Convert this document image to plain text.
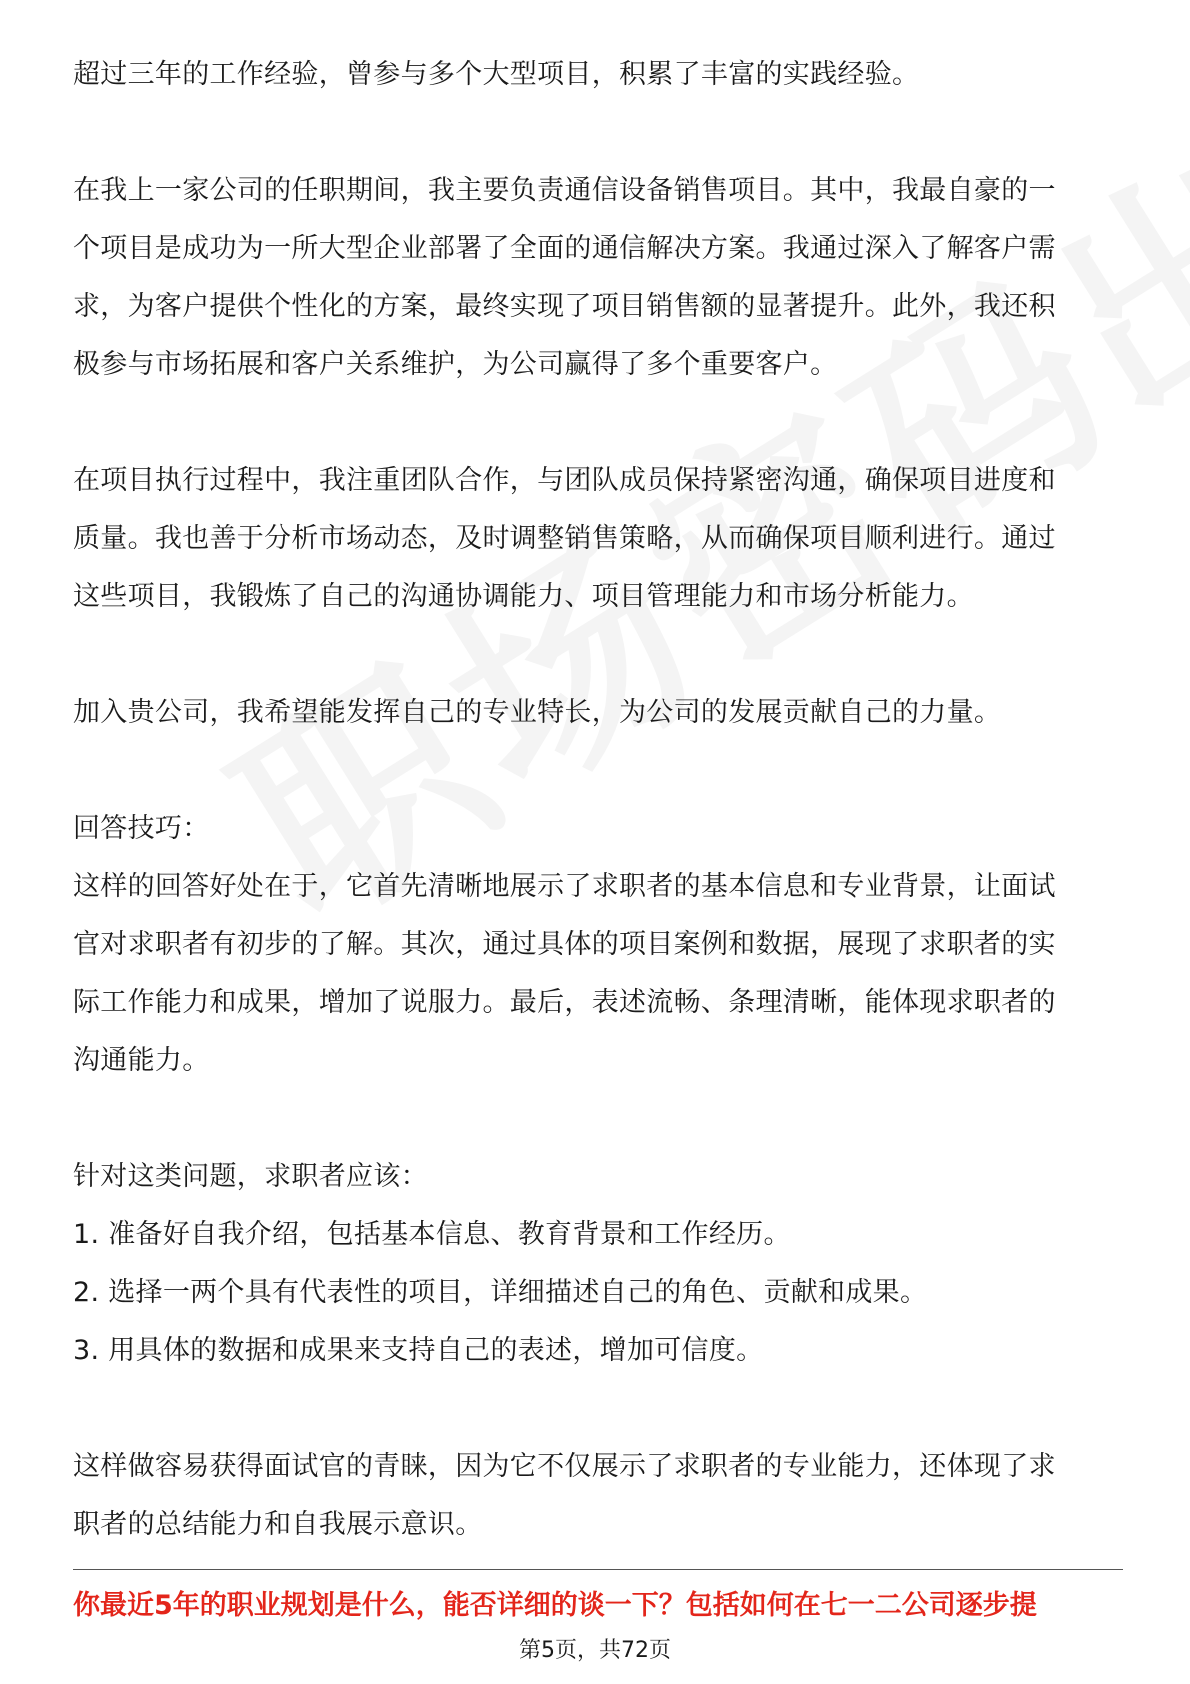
超过三年的工作经验，曾参与多个大型项目，积累了丰富的实践经验。
在我上一家公司的任职期间，我主要负责通信设备销售项目。其中，我最自豪的一
个项目是成功为一所大型企业部署了全面的通信解决方案。我通过深入了解客户需
求，为客户提供个性化的方案，最终实现了项目销售额的显著提升。此外，我还积
极参与市场拓展和客户关系维护，为公司赢得了多个重要客户。
在项目执行过程中，我注重团队合作，与团队成员保持紧密沟通，确保项目进度和
质量。我也善于分析市场动态，及时调整销售策略，从而确保项目顺利进行。通过
这些项目，我锻炼了自己的沟通协调能力、项目管理能力和市场分析能力。
加入贵公司，我希望能发挥自己的专业特长，为公司的发展贡献自己的力量。
回答技巧：
这样的回答好处在于，它首先清晰地展示了求职者的基本信息和专业背景，让面试
官对求职者有初步的了解。其次，通过具体的项目案例和数据，展现了求职者的实
际工作能力和成果，增加了说服力。最后，表述流畅、条理清晰，能体现求职者的
沟通能力。
针对这类问题，求职者应该：
1. 准备好自我介绍，包括基本信息、教育背景和工作经历。
2. 选择一两个具有代表性的项目，详细描述自己的角色、贡献和成果。
3. 用具体的数据和成果来支持自己的表述，增加可信度。
这样做容易获得面试官的青睐，因为它不仅展示了求职者的专业能力，还体现了求
职者的总结能力和自我展示意识。
你最近5年的职业规划是什么，能否详细的谈一下？包括如何在七一二公司逐步提
第5页，共72页
